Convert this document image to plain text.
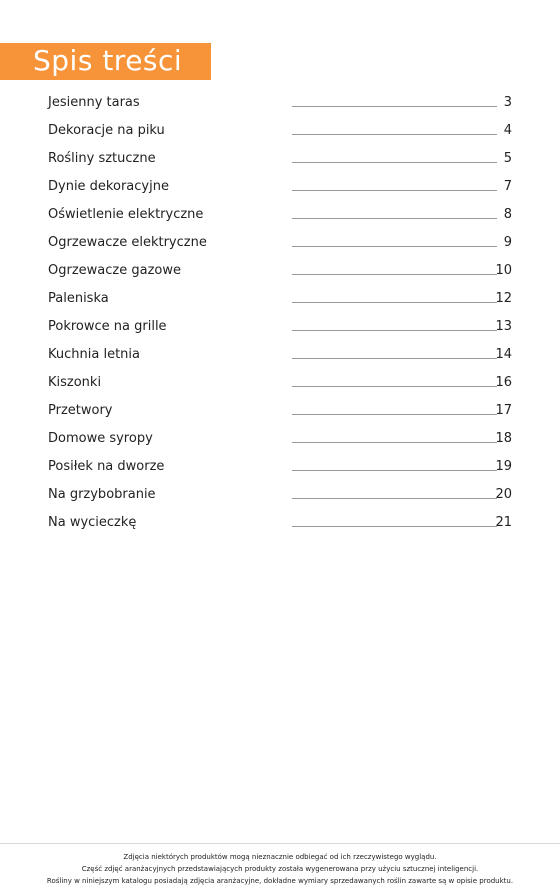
Spis treści
Jesienny taras	3
Dekoracje na piku	4
Rośliny sztuczne	5
Dynie dekoracyjne	7
Oświetlenie elektryczne	8
Ogrzewacze elektryczne	9
Ogrzewacze gazowe	10
Paleniska	12
Pokrowce na grille	13
Kuchnia letnia	14
Kiszonki	16
Przetwory	17
Domowe syropy	18
Posiłek na dworze	19
Na grzybobranie	20
Na wycieczkę	21
Zdjęcia niektórych produktów mogą nieznacznie odbiegać od ich rzeczywistego wyglądu.
Część zdjęć aranżacyjnych przedstawiających produkty została wygenerowana przy użyciu sztucznej inteligencji.
Rośliny w niniejszym katalogu posiadają zdjęcia aranżacyjne, dokładne wymiary sprzedawanych roślin zawarte są w opisie produktu.
